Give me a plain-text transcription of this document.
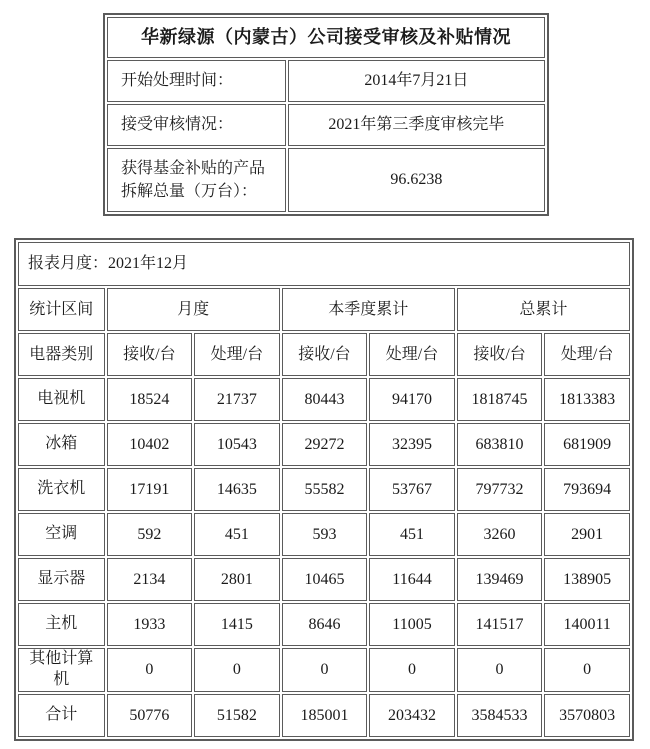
华新绿源（内蒙古）公司接受审核及补贴情况	
开始处理时间：	2014年7月21日
接受审核情况：	2021年第三季度审核完毕
获得基金补贴的产品拆解总量（万台）：	96.6238
报表月度：2021年12月						
统计区间	月度		本季度累计		总累计	
电器类别	接收/台	处理/台	接收/台	处理/台	接收/台	处理/台
电视机	18524	21737	80443	94170	1818745	1813383
冰箱	10402	10543	29272	32395	683810	681909
洗衣机	17191	14635	55582	53767	797732	793694
空调	592	451	593	451	3260	2901
显示器	2134	2801	10465	11644	139469	138905
主机	1933	1415	8646	11005	141517	140011
其他计算机	0	0	0	0	0	0
合计	50776	51582	185001	203432	3584533	3570803
